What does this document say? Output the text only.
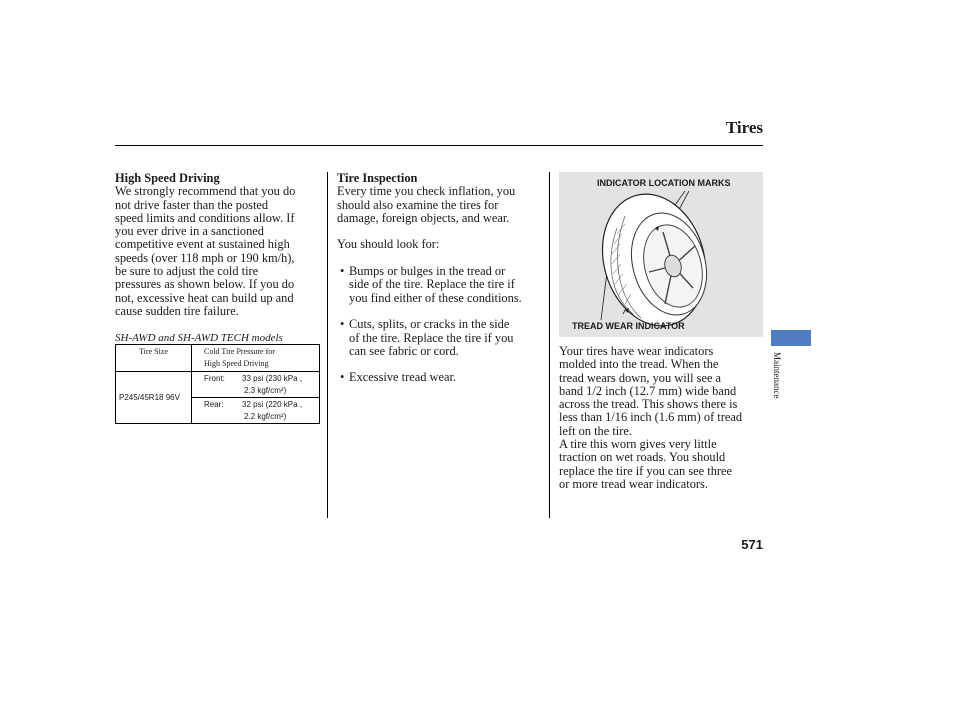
Tires
High Speed Driving

We strongly recommend that you do

not drive faster than the posted

speed limits and conditions allow. If

you ever drive in a sanctioned

competitive event at sustained high

speeds (over 118 mph or 190 km/h),

be sure to adjust the cold tire

pressures as shown below. If you do

not, excessive heat can build up and

cause sudden tire failure.

SH-AWD and SH-AWD TECH models
Tire Size	Cold Tire Pressure for
High Speed Driving

P245/45R18 96V	Front: 33 psi (230 kPa ,
2.3 kgf/cm²)

	Rear: 32 psi (220 kPa ,
2.2 kgf/cm²)
Tire Inspection

Every time you check inflation, you

should also examine the tires for

damage, foreign objects, and wear.

You should look for:

• Bumps or bulges in the tread or

side of the tire. Replace the tire if

you find either of these conditions.

• Cuts, splits, or cracks in the side

of the tire. Replace the tire if you

can see fabric or cord.

• Excessive tread wear.

INDICATOR LOCATION MARKS
TREAD WEAR INDICATOR

Your tires have wear indicators

molded into the tread. When the

tread wears down, you will see a

band 1/2 inch (12.7 mm) wide band

across the tread. This shows there is

less than 1/16 inch (1.6 mm) of tread

left on the tire.

A tire this worn gives very little

traction on wet roads. You should

replace the tire if you can see three

or more tread wear indicators.

Maintenance
571
